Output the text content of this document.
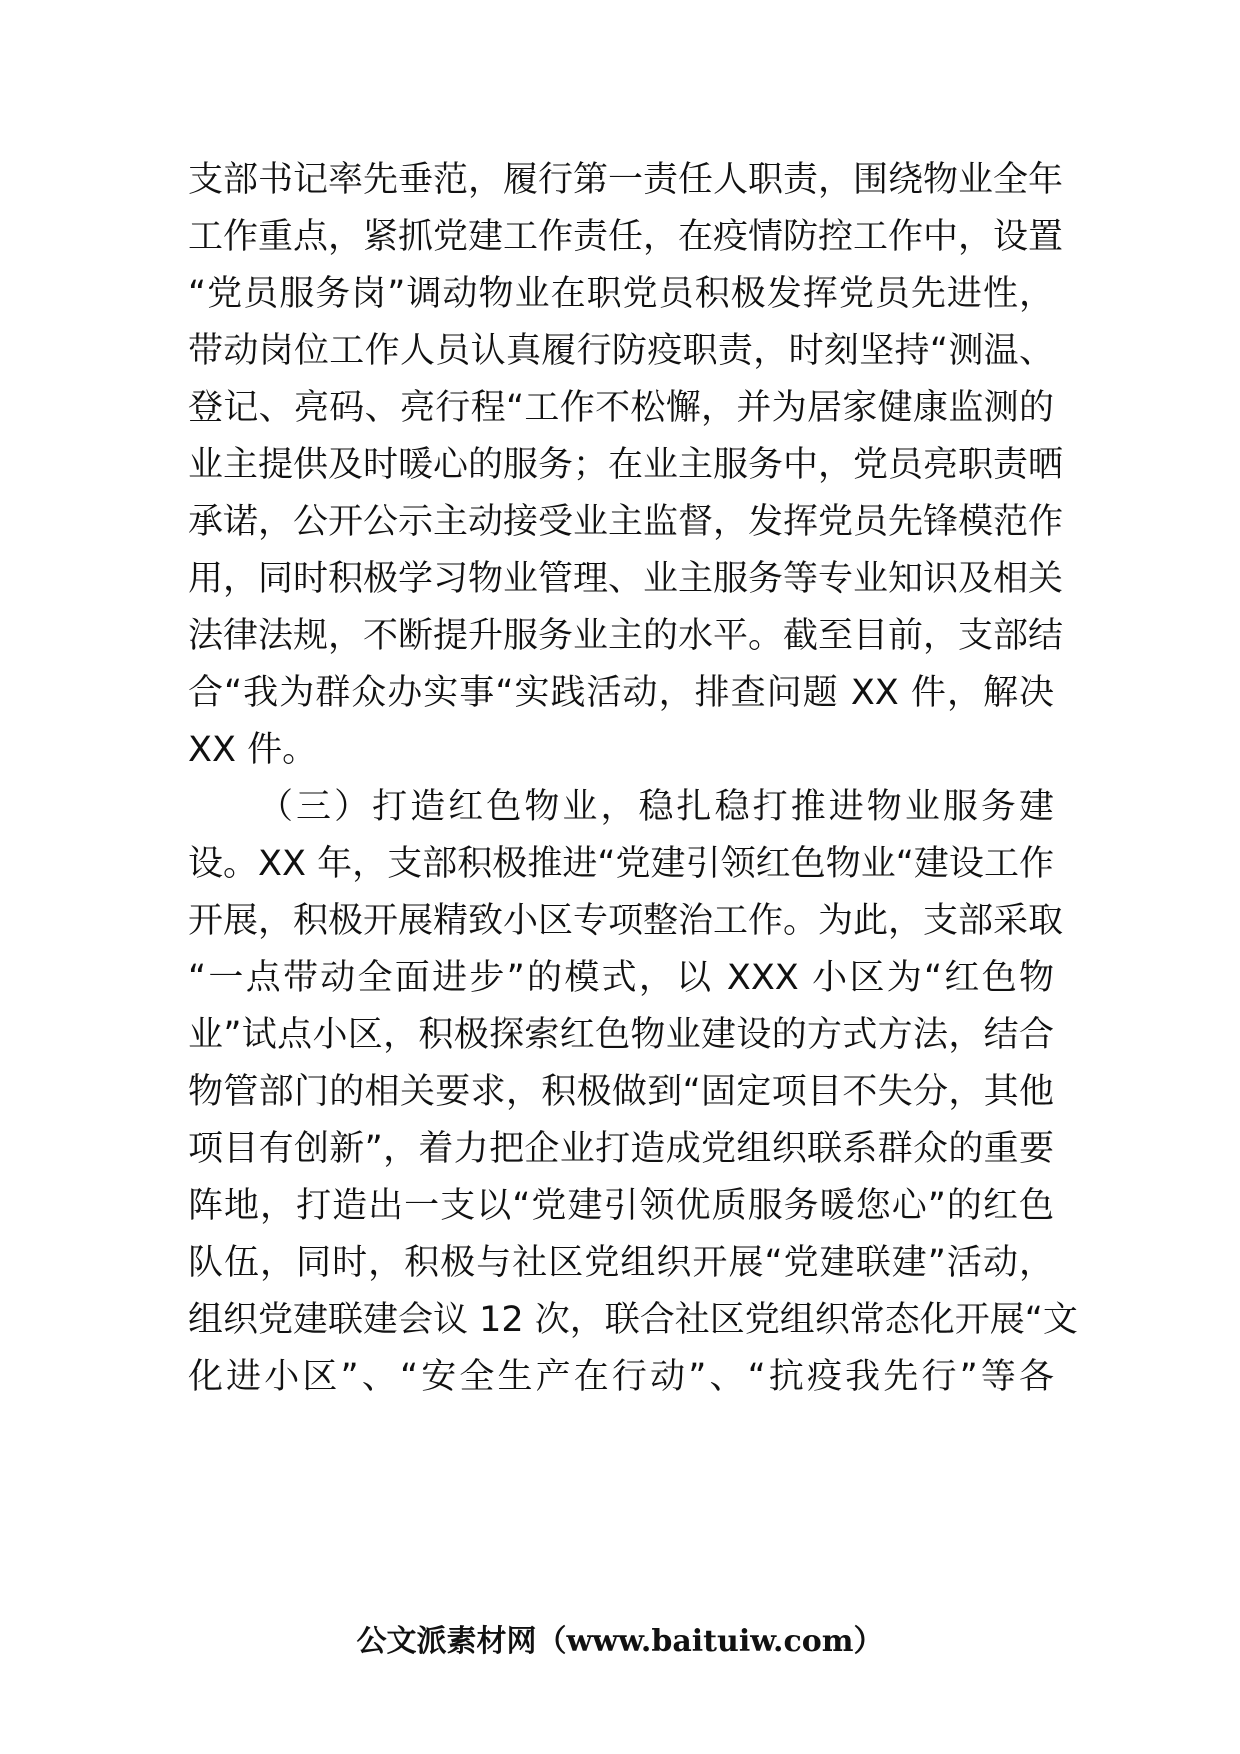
支部书记率先垂范，履行第一责任人职责，围绕物业全年
工作重点，紧抓党建工作责任，在疫情防控工作中，设置
“党员服务岗”调动物业在职党员积极发挥党员先进性，
带动岗位工作人员认真履行防疫职责，时刻坚持“测温、
登记、亮码、亮行程“工作不松懈，并为居家健康监测的
业主提供及时暖心的服务；在业主服务中，党员亮职责晒
承诺，公开公示主动接受业主监督，发挥党员先锋模范作
用，同时积极学习物业管理、业主服务等专业知识及相关
法律法规，不断提升服务业主的水平。截至目前，支部结
合“我为群众办实事“实践活动，排查问题 XX 件，解决
XX 件。
（三）打造红色物业，稳扎稳打推进物业服务建
设。XX 年，支部积极推进“党建引领红色物业“建设工作
开展，积极开展精致小区专项整治工作。为此，支部采取
“一点带动全面进步”的模式，以 XXX 小区为“红色物
业”试点小区，积极探索红色物业建设的方式方法，结合
物管部门的相关要求，积极做到“固定项目不失分，其他
项目有创新”，着力把企业打造成党组织联系群众的重要
阵地，打造出一支以“党建引领优质服务暖您心”的红色
队伍，同时，积极与社区党组织开展“党建联建”活动，
组织党建联建会议 12 次，联合社区党组织常态化开展“文
化进小区”、“安全生产在行动”、“抗疫我先行”等各
公文派素材网（www.baituiw.com）
